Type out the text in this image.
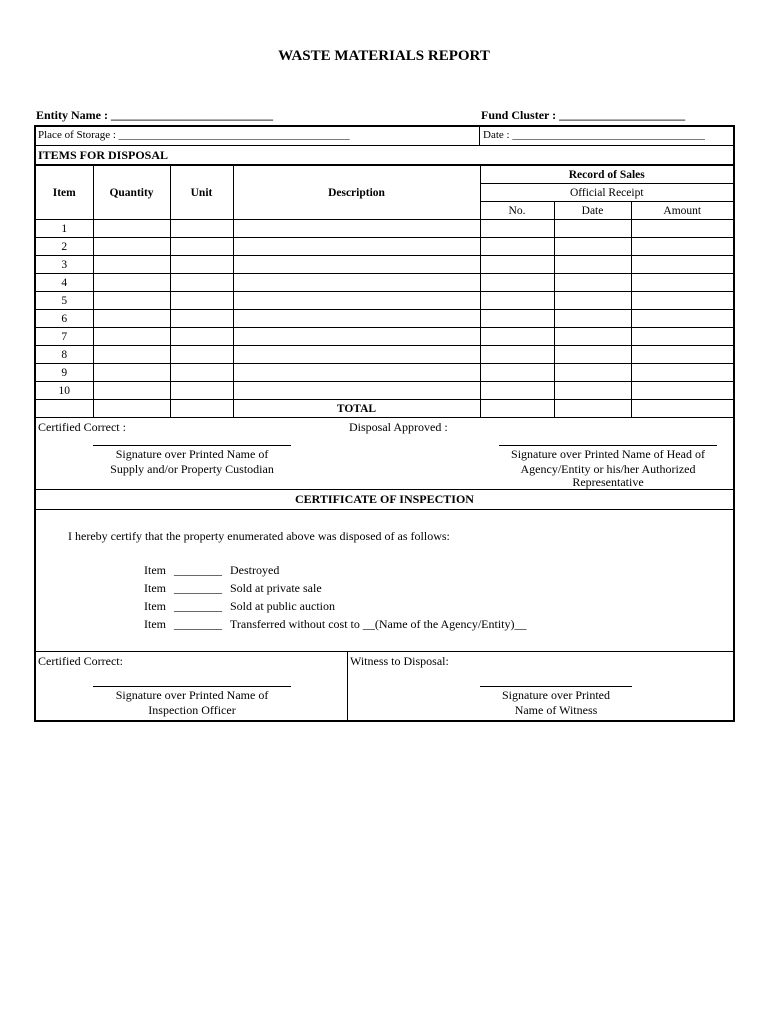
WASTE MATERIALS REPORT
Entity Name : ___________________________	Fund Cluster : _____________________
Place of Storage : __________________________________________	Date : ___________________________________
ITEMS FOR DISPOSAL
Item	Quantity	Unit	Description	Record of Sales		
				Official Receipt		
				No.	Date	Amount
1						
2						
3						
4						
5						
6						
7						
8						
9						
10						
			TOTAL			
Certified Correct :	Disposal Approved :
Signature over Printed Name of
Supply and/or Property Custodian
Signature over Printed Name of Head of
Agency/Entity or his/her Authorized
Representative
CERTIFICATE OF INSPECTION
I hereby certify that the property enumerated above was disposed of as follows:
Item ________ Destroyed
Item ________ Sold at private sale
Item ________ Sold at public auction
Item ________ Transferred without cost to __(Name of the Agency/Entity)__
Certified Correct:	Witness to Disposal:
Signature over Printed Name of
Inspection Officer
Signature over Printed
Name of Witness
